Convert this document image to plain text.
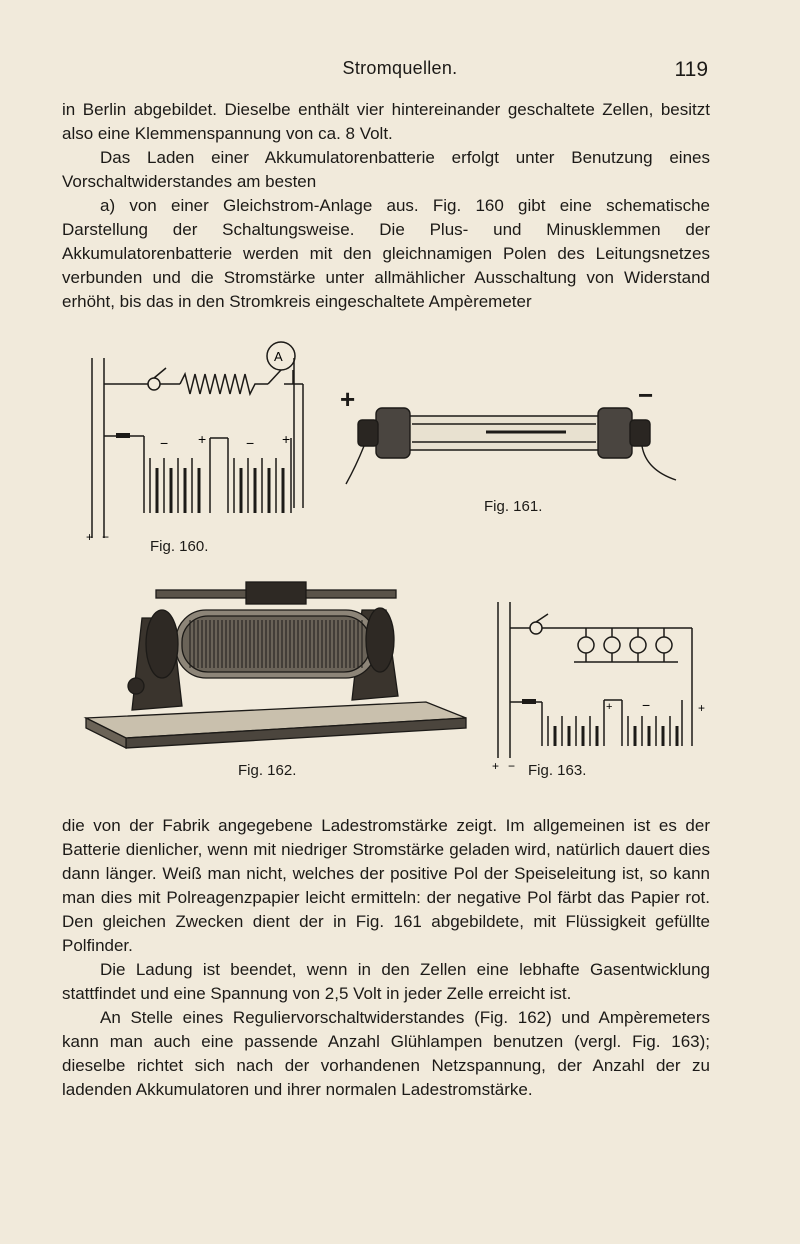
Stromquellen.	119

in Berlin abgebildet. Dieselbe enthält vier hintereinander geschaltete Zellen, besitzt also eine Klemmenspannung von ca. 8 Volt.

Das Laden einer Akkumulatorenbatterie erfolgt unter Benutzung eines Vorschaltwiderstandes am besten

a) von einer Gleichstrom-Anlage aus. Fig. 160 gibt eine schematische Darstellung der Schaltungsweise. Die Plus- und Minusklemmen der Akkumulatorenbatterie werden mit den gleichnamigen Polen des Leitungsnetzes verbunden und die Stromstärke unter allmählicher Ausschaltung von Widerstand erhöht, bis das in den Stromkreis eingeschaltete Ampèremeter

− +	− +
A
+ −
Fig. 160.
+	−
Fig. 161.
Fig. 162.	+ −
+ −	+
Fig. 163.

die von der Fabrik angegebene Ladestromstärke zeigt. Im allgemeinen ist es der Batterie dienlicher, wenn mit niedriger Stromstärke geladen wird, natürlich dauert dies dann länger. Weiß man nicht, welches der positive Pol der Speiseleitung ist, so kann man dies mit Polreagenzpapier leicht ermitteln: der negative Pol färbt das Papier rot. Den gleichen Zwecken dient der in Fig. 161 abgebildete, mit Flüssigkeit gefüllte Polfinder.

Die Ladung ist beendet, wenn in den Zellen eine lebhafte Gasentwicklung stattfindet und eine Spannung von 2,5 Volt in jeder Zelle erreicht ist.

An Stelle eines Reguliervorschaltwiderstandes (Fig. 162) und Ampèremeters kann man auch eine passende Anzahl Glühlampen benutzen (vergl. Fig. 163); dieselbe richtet sich nach der vorhandenen Netzspannung, der Anzahl der zu ladenden Akkumulatoren und ihrer normalen Ladestromstärke.
